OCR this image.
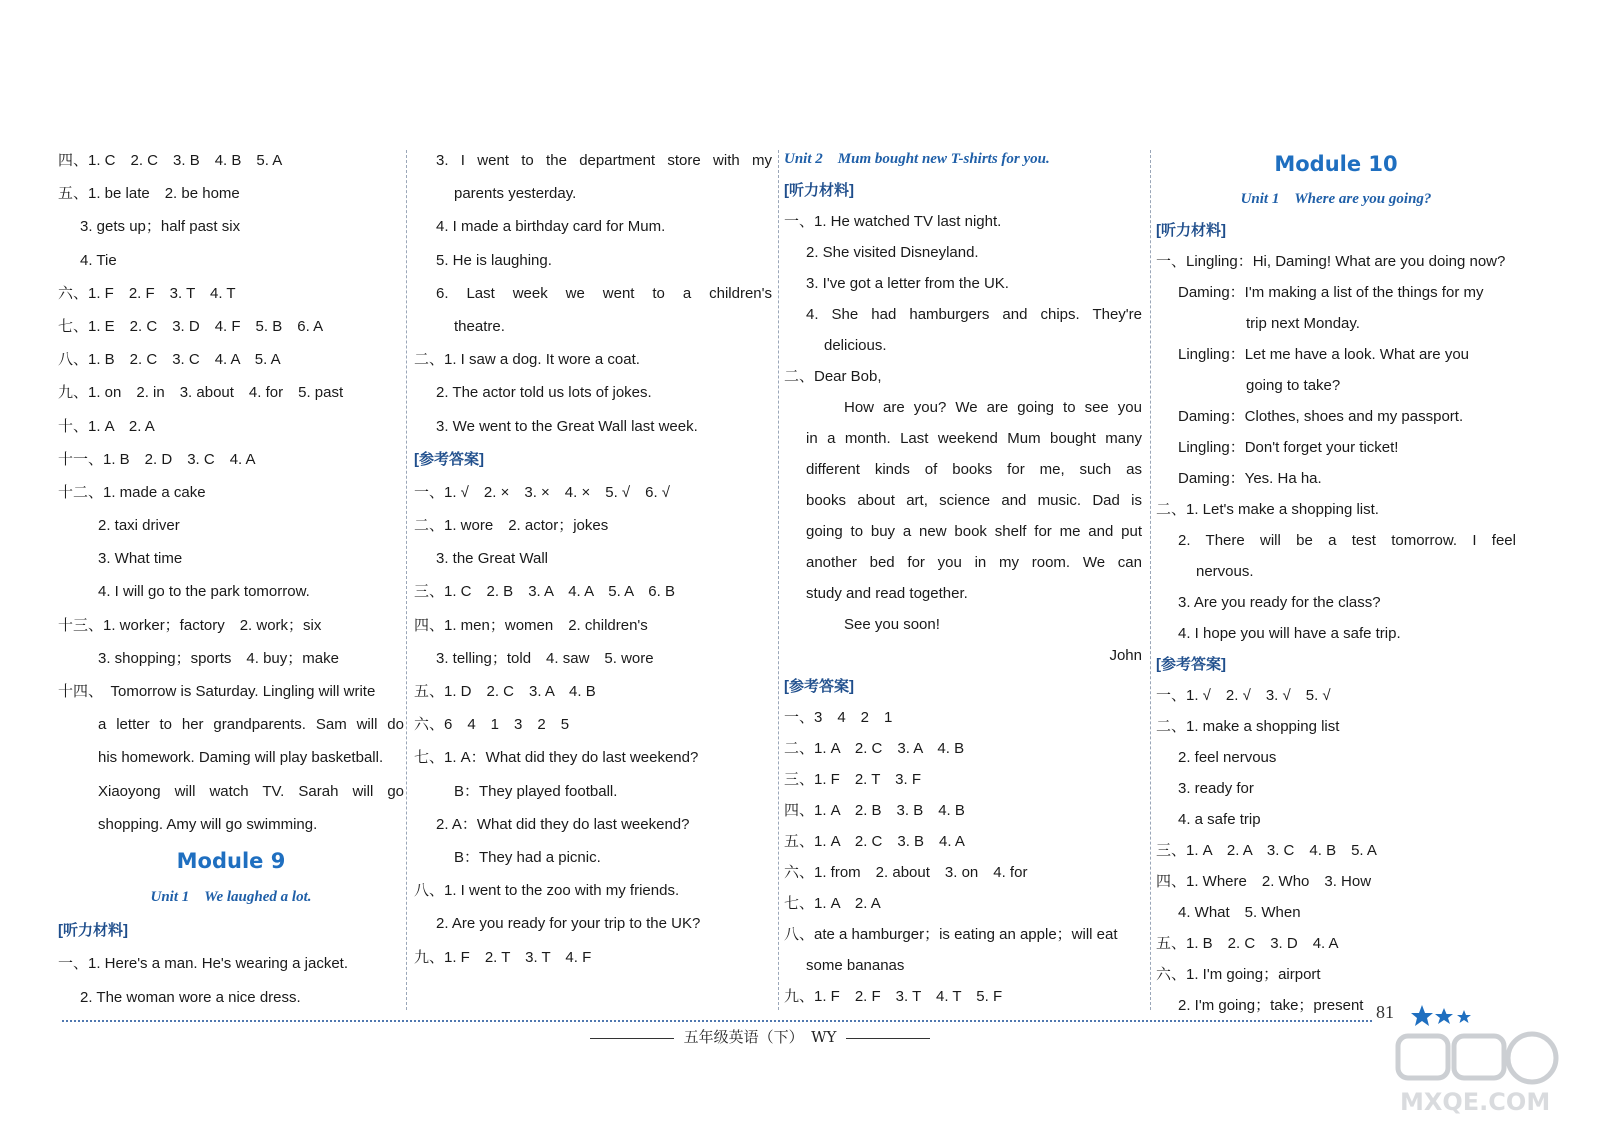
四、1. C　2. C　3. B　4. B　5. A
五、1. be late　2. be home
3. gets up；half past six
4. Tie
六、1. F　2. F　3. T　4. T
七、1. E　2. C　3. D　4. F　5. B　6. A
八、1. B　2. C　3. C　4. A　5. A
九、1. on　2. in　3. about　4. for　5. past
十、1. A　2. A
十一、1. B　2. D　3. C　4. A
十二、1. made a cake
2. taxi driver
3. What time
4. I will go to the park tomorrow.
十三、1. worker；factory　2. work；six
3. shopping；sports　4. buy；make
十四、　Tomorrow is Saturday. Lingling will write
a letter to her grandparents. Sam will do
his homework. Daming will play basketball.
Xiaoyong will watch TV. Sarah will go
shopping. Amy will go swimming.
Module 9
Unit 1　We laughed a lot.
[听力材料]
一、1. Here's a man. He's wearing a jacket.
2. The woman wore a nice dress.
3. I went to the department store with my
parents yesterday.
4. I made a birthday card for Mum.
5. He is laughing.
6. Last week we went to a children's
theatre.
二、1. I saw a dog. It wore a coat.
2. The actor told us lots of jokes.
3. We went to the Great Wall last week.
[参考答案]
一、1. √　2. ×　3. ×　4. ×　5. √　6. √
二、1. wore　2. actor；jokes
3. the Great Wall
三、1. C　2. B　3. A　4. A　5. A　6. B
四、1. men；women　2. children's
3. telling；told　4. saw　5. wore
五、1. D　2. C　3. A　4. B
六、6　4　1　3　2　5
七、1. A：What did they do last weekend?
B：They played football.
2. A：What did they do last weekend?
B：They had a picnic.
八、1. I went to the zoo with my friends.
2. Are you ready for your trip to the UK?
九、1. F　2. T　3. T　4. F
Unit 2　Mum bought new T-shirts for you.
[听力材料]
一、1. He watched TV last night.
2. She visited Disneyland.
3. I've got a letter from the UK.
4. She had hamburgers and chips. They're
delicious.
二、Dear Bob,
How are you? We are going to see you
in a month. Last weekend Mum bought many
different kinds of books for me, such as
books about art, science and music. Dad is
going to buy a new book shelf for me and put
another bed for you in my room. We can
study and read together.
See you soon!
John
[参考答案]
一、3　4　2　1
二、1. A　2. C　3. A　4. B
三、1. F　2. T　3. F
四、1. A　2. B　3. B　4. B
五、1. A　2. C　3. B　4. A
六、1. from　2. about　3. on　4. for
七、1. A　2. A
八、ate a hamburger；is eating an apple；will eat
some bananas
九、1. F　2. F　3. T　4. T　5. F
Module 10
Unit 1　Where are you going?
[听力材料]
一、Lingling：Hi, Daming! What are you doing now?
Daming：I'm making a list of the things for my
trip next Monday.
Lingling：Let me have a look. What are you
going to take?
Daming：Clothes, shoes and my passport.
Lingling：Don't forget your ticket!
Daming：Yes. Ha ha.
二、1. Let's make a shopping list.
2. There will be a test tomorrow. I feel
nervous.
3. Are you ready for the class?
4. I hope you will have a safe trip.
[参考答案]
一、1. √　2. √　3. √　5. √
二、1. make a shopping list
2. feel nervous
3. ready for
4. a safe trip
三、1. A　2. A　3. C　4. B　5. A
四、1. Where　2. Who　3. How
4. What　5. When
五、1. B　2. C　3. D　4. A
六、1. I'm going；airport
2. I'm going；take；present 81
五年级英语（下）　WY
MXQE.COM
